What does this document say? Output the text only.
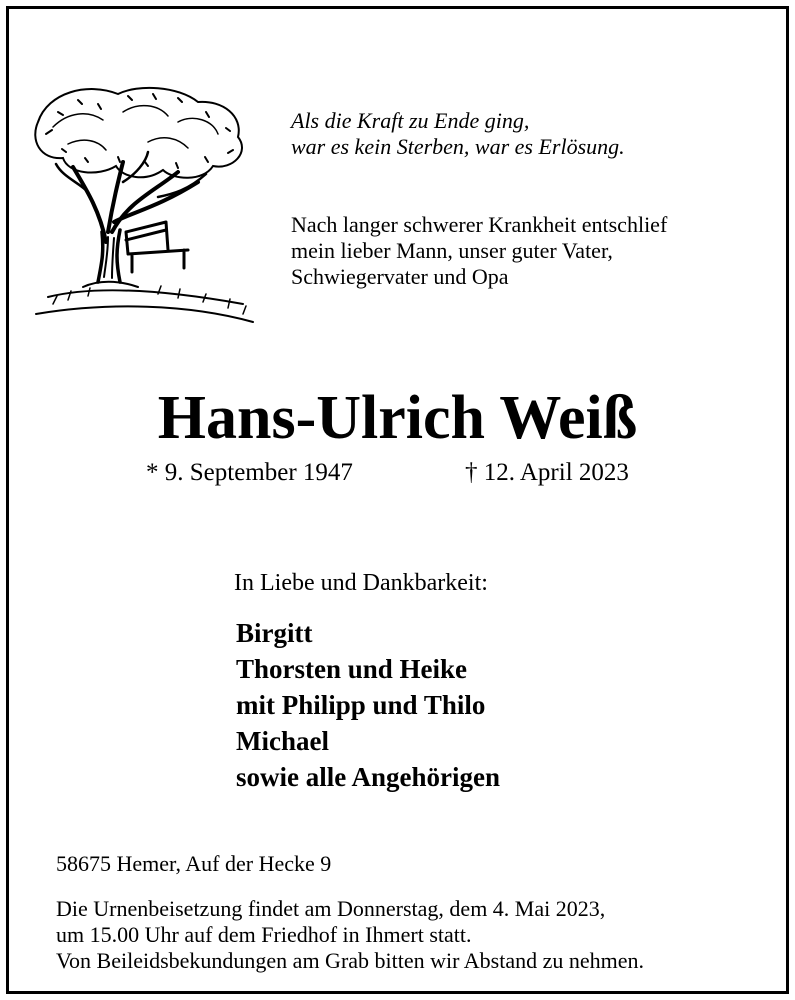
Als die Kraft zu Ende ging,
war es kein Sterben, war es Erlösung.
Nach langer schwerer Krankheit entschlief
mein lieber Mann, unser guter Vater,
Schwiegervater und Opa
Hans-Ulrich Weiß
* 9. September 1947	† 12. April 2023
In Liebe und Dankbarkeit:
Birgitt
Thorsten und Heike
mit Philipp und Thilo
Michael
sowie alle Angehörigen
58675 Hemer, Auf der Hecke 9
Die Urnenbeisetzung findet am Donnerstag, dem 4. Mai 2023,
um 15.00 Uhr auf dem Friedhof in Ihmert statt.
Von Beileidsbekundungen am Grab bitten wir Abstand zu nehmen.
